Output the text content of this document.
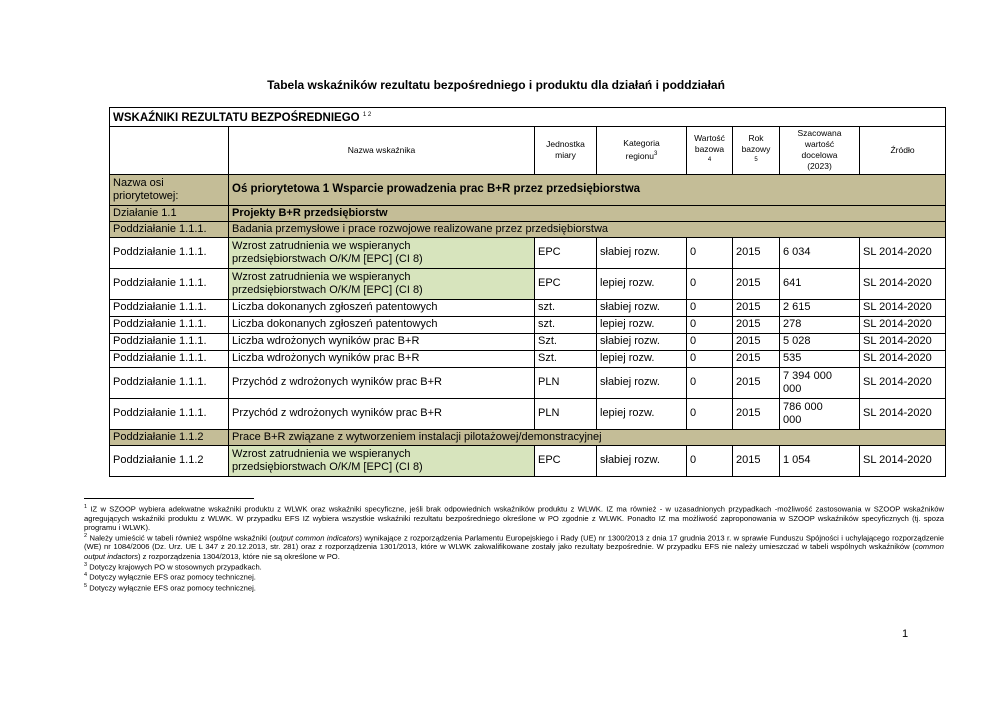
Tabela wskaźników rezultatu bezpośredniego i produktu dla działań i poddziałań
WSKAŹNIKI REZULTATU BEZPOŚREDNIEGO $^{1 2}$
	Nazwa wskaźnika	Jednostka
miary	Kategoria
regionu$^3$	Wartość
bazowa
$^4$	Rok
bazowy
$^5$	Szacowana
wartość
docelowa
(2023)	Źródło
Nazwa osi
priorytetowej:	Oś priorytetowa 1 Wsparcie prowadzenia prac B+R przez przedsiębiorstwa						
Działanie 1.1	Projekty B+R przedsiębiorstw						
Poddziałanie 1.1.1.	Badania przemysłowe i prace rozwojowe realizowane przez przedsiębiorstwa						
Poddziałanie 1.1.1.	Wzrost zatrudnienia we wspieranych
przedsiębiorstwach O/K/M [EPC] (CI 8)	EPC	słabiej rozw.	0	2015	6 034	SL 2014-2020
Poddziałanie 1.1.1.	Wzrost zatrudnienia we wspieranych
przedsiębiorstwach O/K/M [EPC] (CI 8)	EPC	lepiej rozw.	0	2015	641	SL 2014-2020
Poddziałanie 1.1.1.	Liczba dokonanych zgłoszeń patentowych	szt.	słabiej rozw.	0	2015	2 615	SL 2014-2020
Poddziałanie 1.1.1.	Liczba dokonanych zgłoszeń patentowych	szt.	lepiej rozw.	0	2015	278	SL 2014-2020
Poddziałanie 1.1.1.	Liczba wdrożonych wyników prac B+R	Szt.	słabiej rozw.	0	2015	5 028	SL 2014-2020
Poddziałanie 1.1.1.	Liczba wdrożonych wyników prac B+R	Szt.	lepiej rozw.	0	2015	535	SL 2014-2020
Poddziałanie 1.1.1.	Przychód z wdrożonych wyników prac B+R	PLN	słabiej rozw.	0	2015	7 394 000
000	SL 2014-2020
Poddziałanie 1.1.1.	Przychód z wdrożonych wyników prac B+R	PLN	lepiej rozw.	0	2015	786 000
000	SL 2014-2020
Poddziałanie 1.1.2	Prace B+R związane z wytworzeniem instalacji pilotażowej/demonstracyjnej						
Poddziałanie 1.1.2	Wzrost zatrudnienia we wspieranych
przedsiębiorstwach O/K/M [EPC] (CI 8)	EPC	słabiej rozw.	0	2015	1 054	SL 2014-2020

$^1$ IZ w SZOOP wybiera adekwatne wskaźniki produktu z WLWK oraz wskaźniki specyficzne, jeśli brak odpowiednich wskaźników produktu z WLWK. IZ ma również - w uzasadnionych przypadkach -możliwość zastosowania w SZOOP wskaźników agregujących wskaźniki produktu z WLWK. W przypadku EFS IZ wybiera wszystkie wskaźniki rezultatu bezpośredniego określone w PO zgodnie z WLWK. Ponadto IZ ma możliwość zaproponowania w SZOOP wskaźników specyficznych (tj. spoza programu i WLWK).

$^2$ Należy umieścić w tabeli również wspólne wskaźniki (output common indicators) wynikające z rozporządzenia Parlamentu Europejskiego i Rady (UE) nr 1300/2013 z dnia 17 grudnia 2013 r. w sprawie Funduszu Spójności i uchylającego rozporządzenie (WE) nr 1084/2006 (Dz. Urz. UE L 347 z 20.12.2013, str. 281) oraz z rozporządzenia 1301/2013, które w WLWK zakwalifikowane zostały jako rezultaty bezpośrednie. W przypadku EFS nie należy umieszczać w tabeli wspólnych wskaźników (common output indactors) z rozporządzenia 1304/2013, które nie są określone w PO.

$^3$ Dotyczy krajowych PO w stosownych przypadkach.

$^4$ Dotyczy wyłącznie EFS oraz pomocy technicznej.

$^5$ Dotyczy wyłącznie EFS oraz pomocy technicznej.

1
